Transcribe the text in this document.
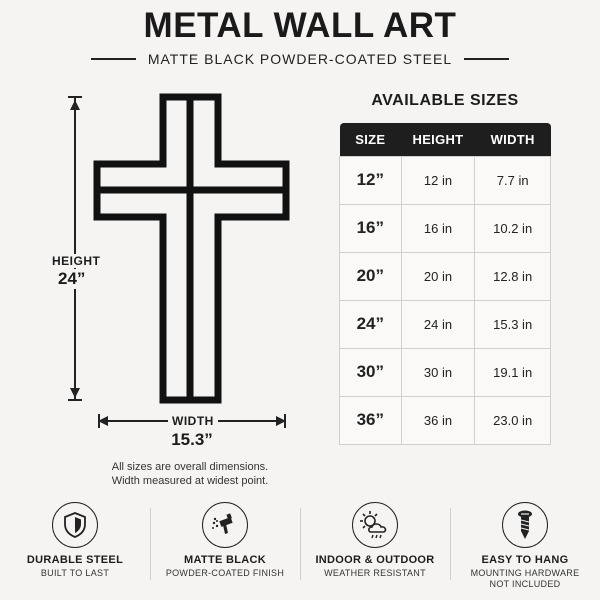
METAL WALL ART
MATTE BLACK POWDER-COATED STEEL
HEIGHT
24”
WIDTH
15.3”
All sizes are overall dimensions.
Width measured at widest point.
AVAILABLE SIZES
SIZE	HEIGHT	WIDTH
12”	12 in	7.7 in
16”	16 in	10.2 in
20”	20 in	12.8 in
24”	24 in	15.3 in
30”	30 in	19.1 in
36”	36 in	23.0 in
DURABLE STEEL
BUILT TO LAST
MATTE BLACK
POWDER-COATED FINISH
INDOOR & OUTDOOR
WEATHER RESISTANT
EASY TO HANG
MOUNTING HARDWARE
NOT INCLUDED
